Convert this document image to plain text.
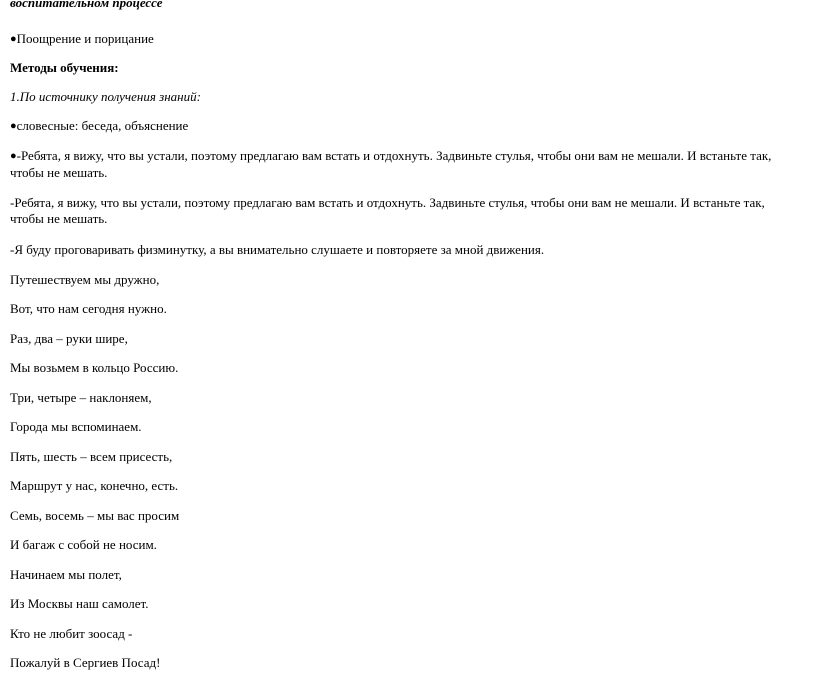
воспитательном процессе

●Поощрение и порицание

Методы обучения:

1.По источнику получения знаний:

●словесные: беседа, объяснение

●-Ребята, я вижу, что вы устали, поэтому предлагаю вам встать и отдохнуть. Задвиньте стулья, чтобы они вам не мешали. И встаньте так, чтобы не мешать.

-Ребята, я вижу, что вы устали, поэтому предлагаю вам встать и отдохнуть. Задвиньте стулья, чтобы они вам не мешали. И встаньте так, чтобы не мешать.

-Я буду проговаривать физминутку, а вы внимательно слушаете и повторяете за мной движения.

Путешествуем мы дружно,

Вот, что нам сегодня нужно.

Раз, два – руки шире,

Мы возьмем в кольцо Россию.

Три, четыре – наклоняем,

Города мы вспоминаем.

Пять, шесть – всем присесть,

Маршрут у нас, конечно, есть.

Семь, восемь – мы вас просим

И багаж с собой не носим.

Начинаем мы полет,

Из Москвы наш самолет.

Кто не любит зоосад -

Пожалуй в Сергиев Посад!
